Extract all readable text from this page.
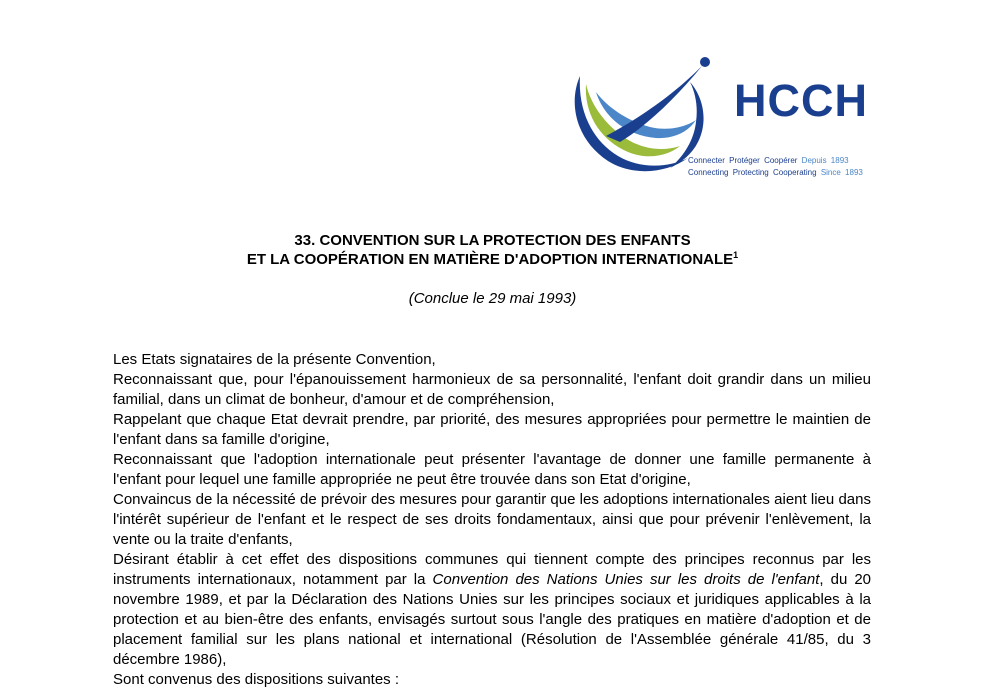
HCCH
Connecter Protéger Coopérer Depuis 1893
Connecting Protecting Cooperating Since 1893
33. CONVENTION SUR LA PROTECTION DES ENFANTS
ET LA COOPÉRATION EN MATIÈRE D'ADOPTION INTERNATIONALE$^1$
(Conclue le 29 mai 1993)

Les Etats signataires de la présente Convention,

Reconnaissant que, pour l'épanouissement harmonieux de sa personnalité, l'enfant doit grandir dans un milieu familial, dans un climat de bonheur, d'amour et de compréhension,

Rappelant que chaque Etat devrait prendre, par priorité, des mesures appropriées pour permettre le maintien de l'enfant dans sa famille d'origine,

Reconnaissant que l'adoption internationale peut présenter l'avantage de donner une famille permanente à l'enfant pour lequel une famille appropriée ne peut être trouvée dans son Etat d'origine,

Convaincus de la nécessité de prévoir des mesures pour garantir que les adoptions internationales aient lieu dans l'intérêt supérieur de l'enfant et le respect de ses droits fondamentaux, ainsi que pour prévenir l'enlèvement, la vente ou la traite d'enfants,

Désirant établir à cet effet des dispositions communes qui tiennent compte des principes reconnus par les instruments internationaux, notamment par la Convention des Nations Unies sur les droits de l'enfant, du 20 novembre 1989, et par la Déclaration des Nations Unies sur les principes sociaux et juridiques applicables à la protection et au bien-être des enfants, envisagés surtout sous l'angle des pratiques en matière d'adoption et de placement familial sur les plans national et international (Résolution de l'Assemblée générale 41/85, du 3 décembre 1986),

Sont convenus des dispositions suivantes :
